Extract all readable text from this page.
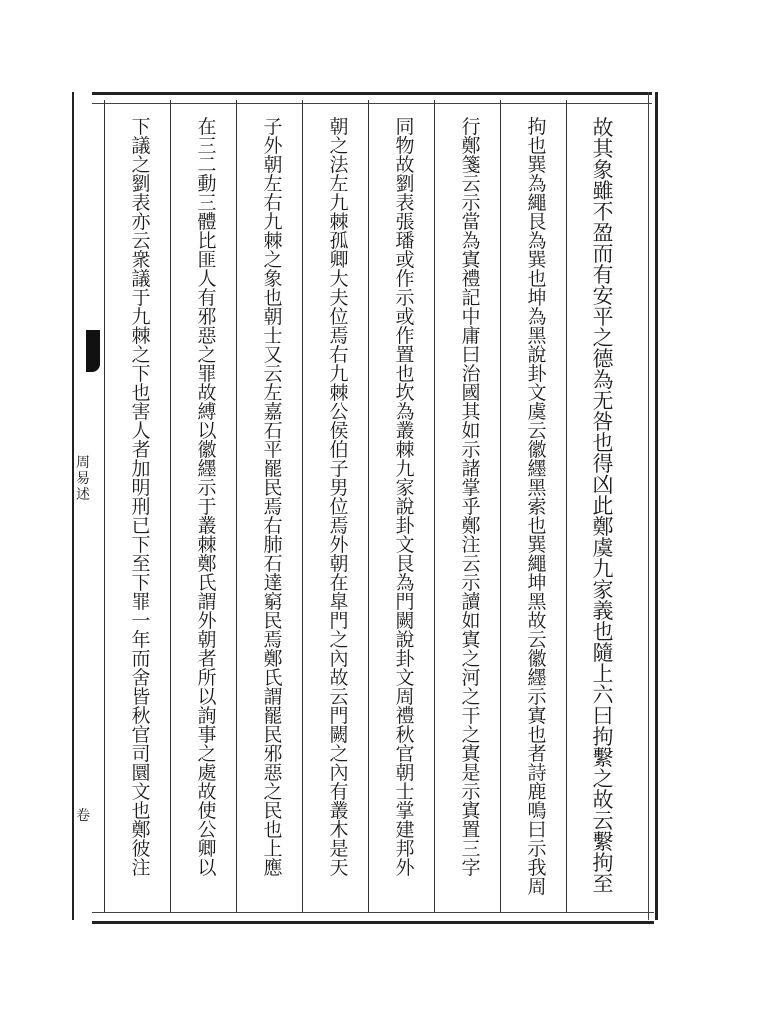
周易述
卷
故
其
象
雖
不
盈
而
有
安
平
之
德
為
无
咎
也
得
凶
此
鄭
虞
九
家
義
也
隨
上
六
曰
拘
繫
之
故
云
繫
拘
至
拘
也
巽
為
繩
艮
為
巽
也
坤
為
黑
說
卦
文
虞
云
徽
纆
黑
索
也
巽
繩
坤
黑
故
云
徽
纆
示
寘
也
者
詩
鹿
鳴
曰
示
我
周
行
鄭
箋
云
示
當
為
寘
禮
記
中
庸
曰
治
國
其
如
示
諸
掌
乎
鄭
注
云
示
讀
如
寘
之
河
之
干
之
寘
是
示
寘
置
三
字
同
物
故
劉
表
張
璠
或
作
示
或
作
置
也
坎
為
叢
棘
九
家
說
卦
文
艮
為
門
闕
說
卦
文
周
禮
秋
官
朝
士
掌
建
邦
外
朝
之
法
左
九
棘
孤
卿
大
夫
位
焉
右
九
棘
公
侯
伯
子
男
位
焉
外
朝
在
皐
門
之
內
故
云
門
闕
之
內
有
叢
木
是
天
子
外
朝
左
右
九
棘
之
象
也
朝
士
又
云
左
嘉
石
平
罷
民
焉
右
肺
石
達
窮
民
焉
鄭
氏
謂
罷
民
邪
惡
之
民
也
上
應
在
三
二
動
三
體
比
匪
人
有
邪
惡
之
罪
故
縛
以
徽
纆
示
于
叢
棘
鄭
氏
謂
外
朝
者
所
以
詢
事
之
處
故
使
公
卿
以
下
議
之
劉
表
亦
云
衆
議
于
九
棘
之
下
也
害
人
者
加
明
刑
已
下
至
下
罪
一
年
而
舍
皆
秋
官
司
圜
文
也
鄭
彼
注
